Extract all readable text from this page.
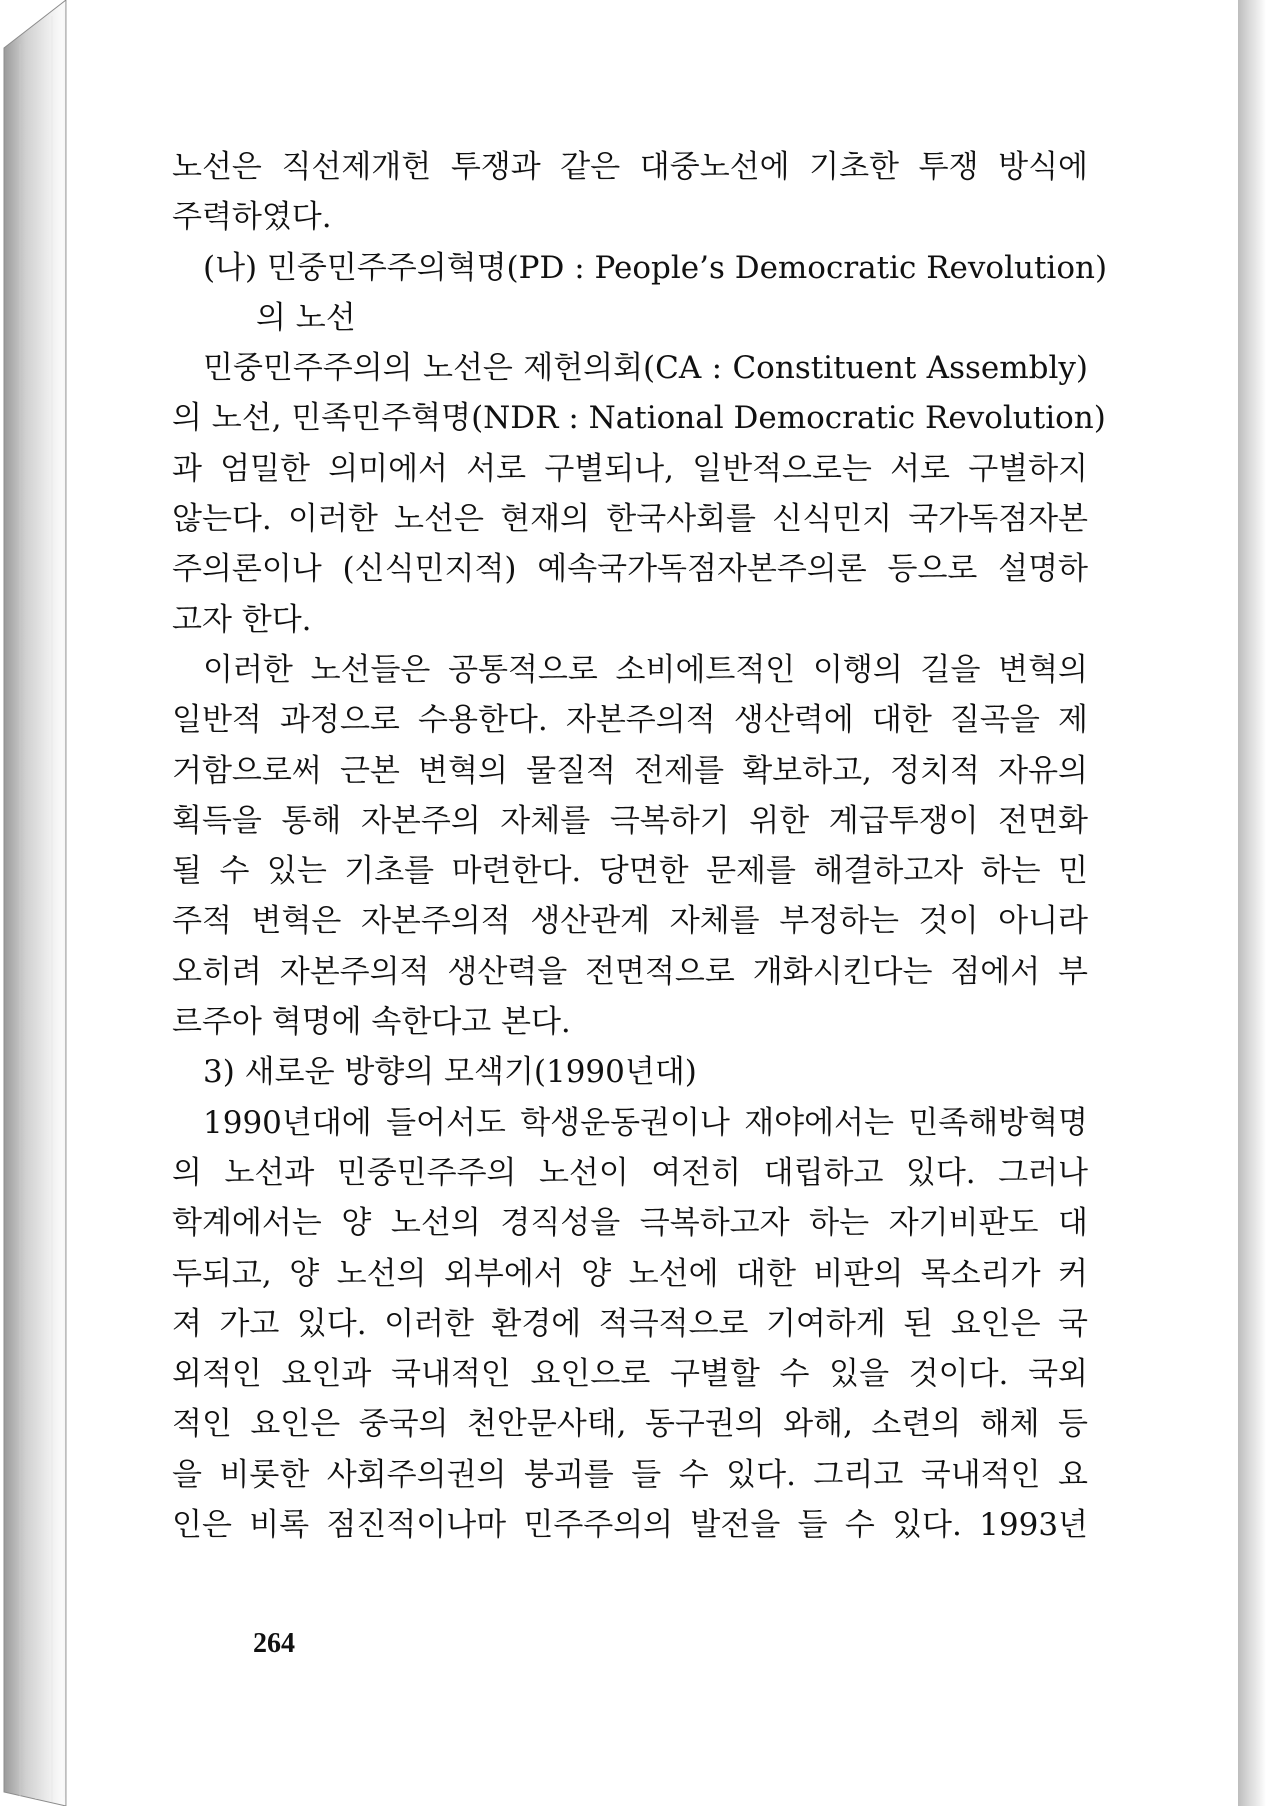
노선은 직선제개헌 투쟁과 같은 대중노선에 기초한 투쟁 방식에
주력하였다.
(나) 민중민주주의혁명(PD : People’s Democratic Revolution)
의 노선
민중민주주의의 노선은 제헌의회(CA : Constituent Assembly)
의 노선, 민족민주혁명(NDR : National Democratic Revolution)
과 엄밀한 의미에서 서로 구별되나, 일반적으로는 서로 구별하지
않는다. 이러한 노선은 현재의 한국사회를 신식민지 국가독점자본
주의론이나 (신식민지적) 예속국가독점자본주의론 등으로 설명하
고자 한다.
이러한 노선들은 공통적으로 소비에트적인 이행의 길을 변혁의
일반적 과정으로 수용한다. 자본주의적 생산력에 대한 질곡을 제
거함으로써 근본 변혁의 물질적 전제를 확보하고, 정치적 자유의
획득을 통해 자본주의 자체를 극복하기 위한 계급투쟁이 전면화
될 수 있는 기초를 마련한다. 당면한 문제를 해결하고자 하는 민
주적 변혁은 자본주의적 생산관계 자체를 부정하는 것이 아니라
오히려 자본주의적 생산력을 전면적으로 개화시킨다는 점에서 부
르주아 혁명에 속한다고 본다.
3) 새로운 방향의 모색기(1990년대)
1990년대에 들어서도 학생운동권이나 재야에서는 민족해방혁명
의 노선과 민중민주주의 노선이 여전히 대립하고 있다. 그러나
학계에서는 양 노선의 경직성을 극복하고자 하는 자기비판도 대
두되고, 양 노선의 외부에서 양 노선에 대한 비판의 목소리가 커
져 가고 있다. 이러한 환경에 적극적으로 기여하게 된 요인은 국
외적인 요인과 국내적인 요인으로 구별할 수 있을 것이다. 국외
적인 요인은 중국의 천안문사태, 동구권의 와해, 소련의 해체 등
을 비롯한 사회주의권의 붕괴를 들 수 있다. 그리고 국내적인 요
인은 비록 점진적이나마 민주주의의 발전을 들 수 있다. 1993년
264
